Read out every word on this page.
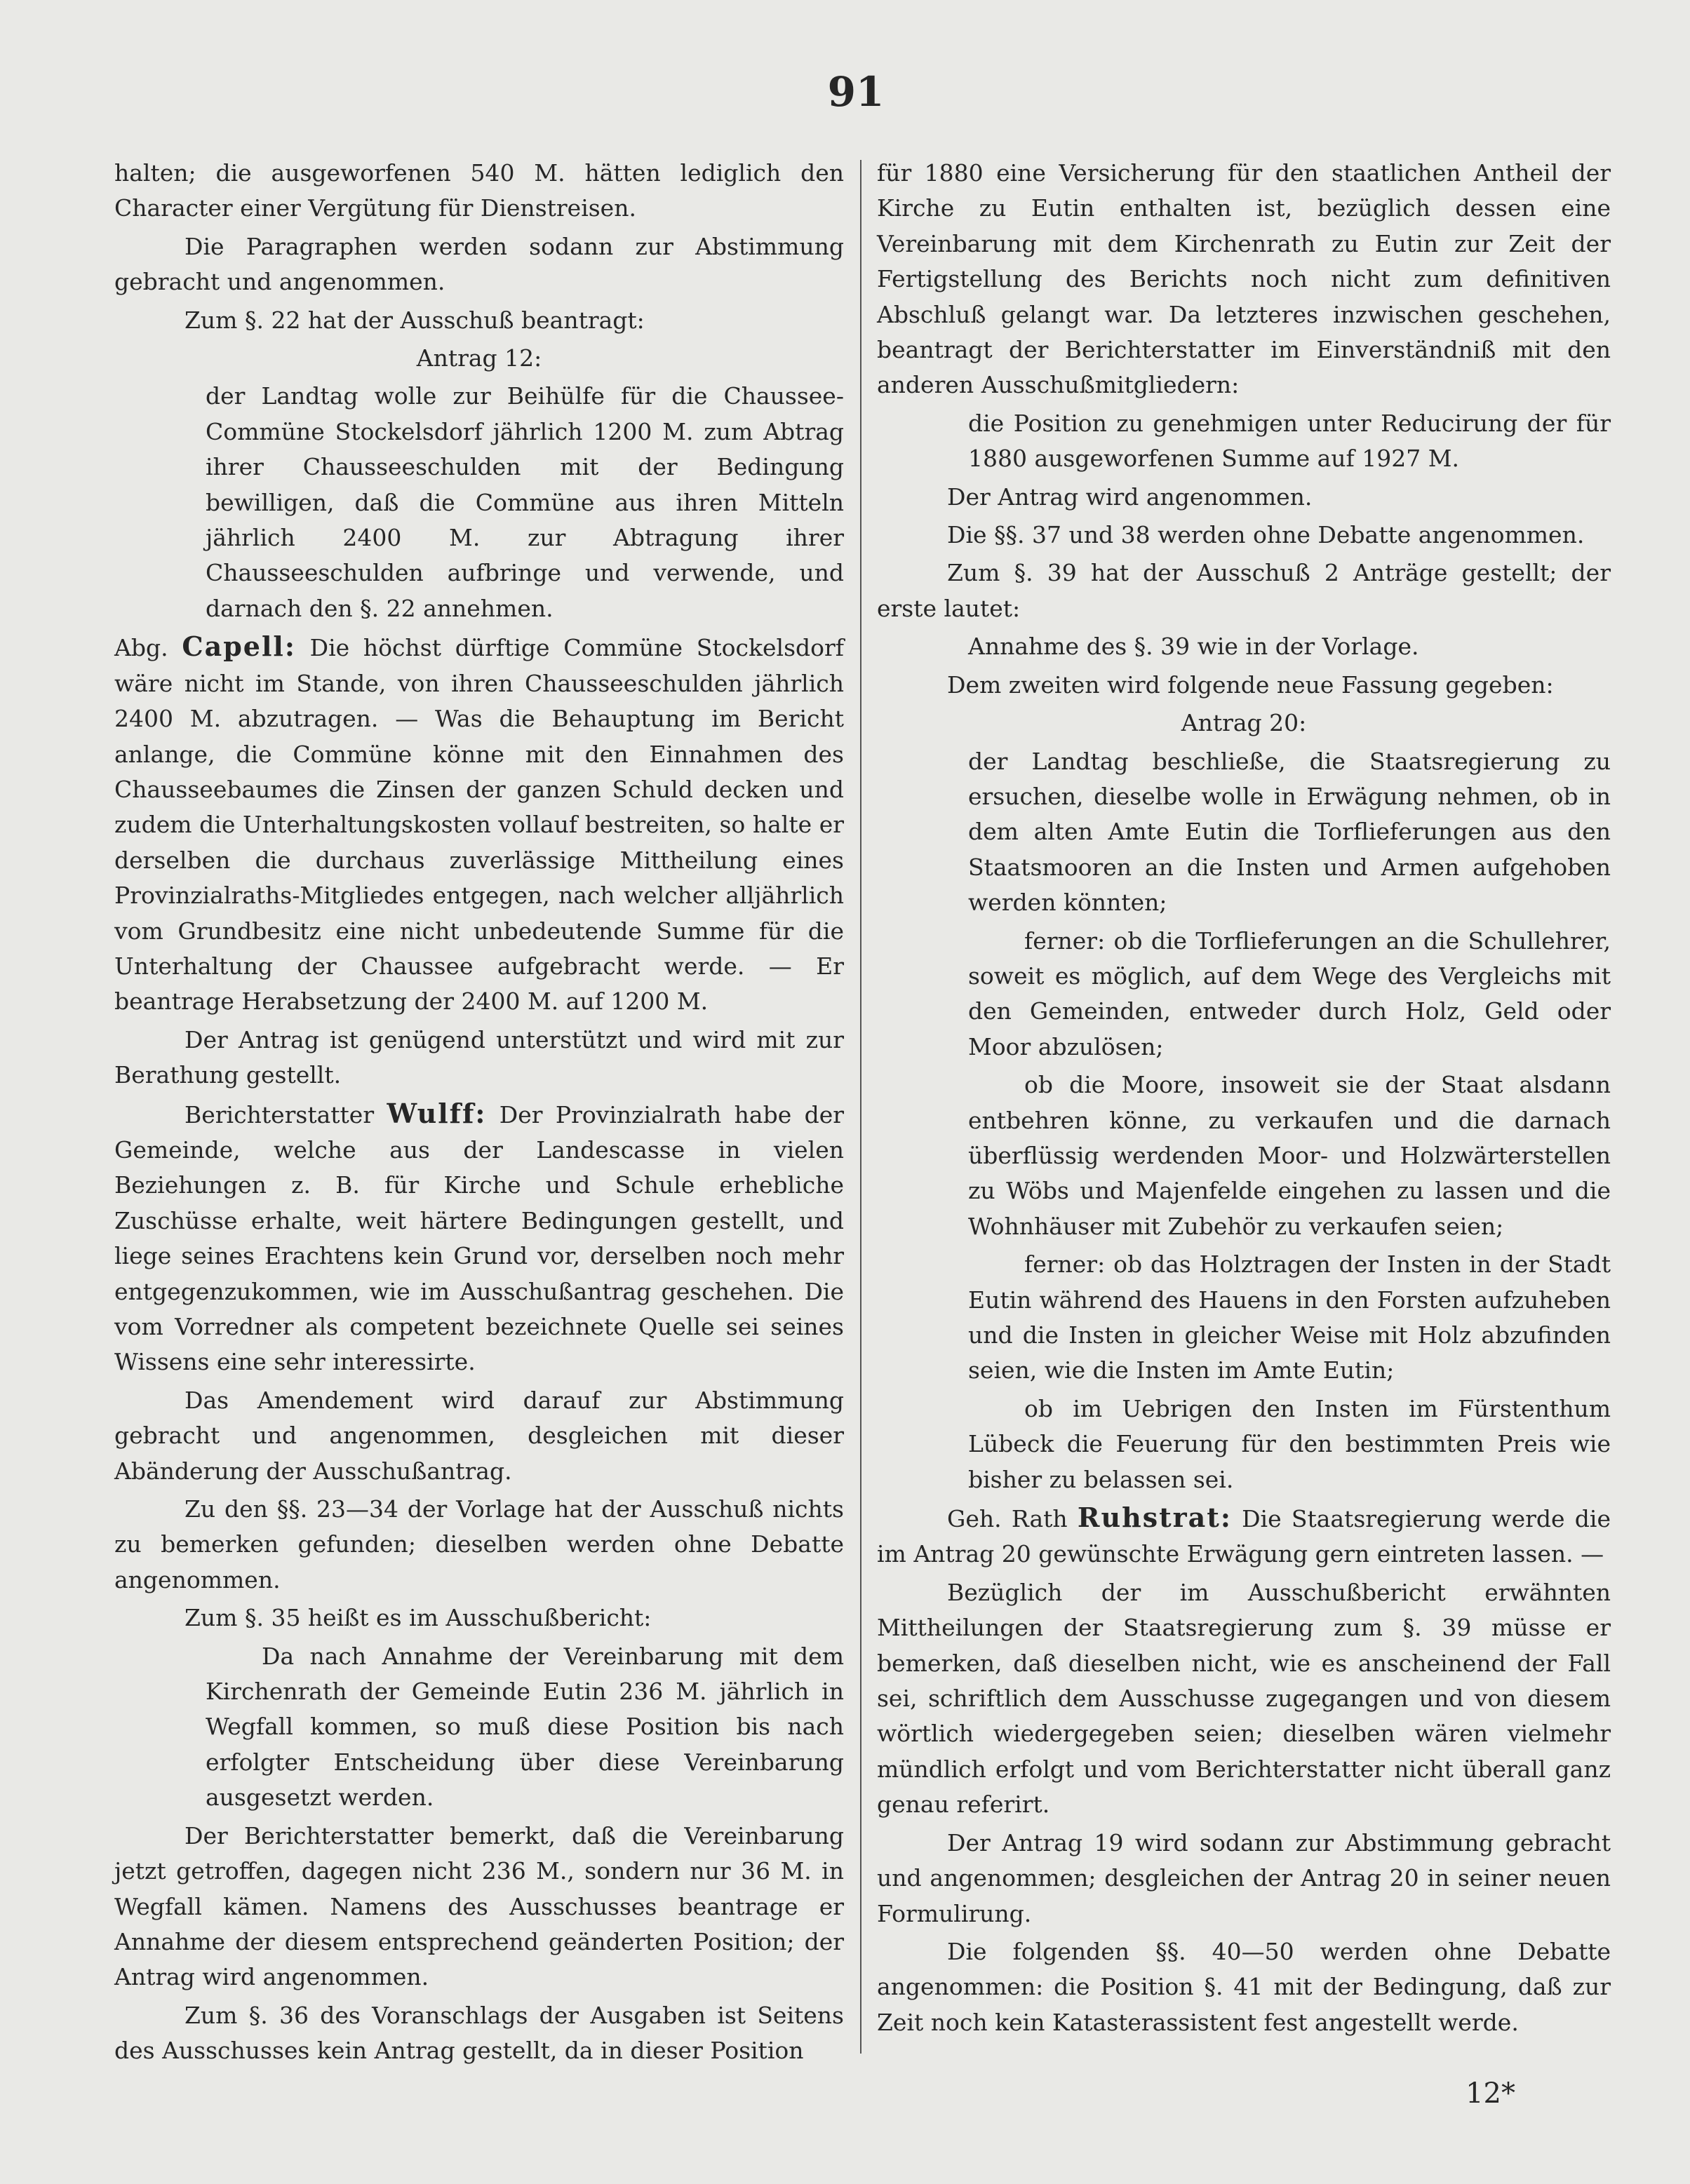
91

halten; die ausgeworfenen 540 M. hätten lediglich den Character einer Vergütung für Dienstreisen.

Die Paragraphen werden sodann zur Abstimmung gebracht und angenommen.

Zum §. 22 hat der Ausschuß beantragt:

Antrag 12:

der Landtag wolle zur Beihülfe für die Chaussee-Commüne Stockelsdorf jährlich 1200 M. zum Abtrag ihrer Chausseeschulden mit der Bedingung bewilligen, daß die Commüne aus ihren Mitteln jährlich 2400 M. zur Abtragung ihrer Chausseeschulden aufbringe und verwende, und darnach den §. 22 annehmen.

Abg. Capell: Die höchst dürftige Commüne Stockelsdorf wäre nicht im Stande, von ihren Chausseeschulden jährlich 2400 M. abzutragen. — Was die Behauptung im Bericht anlange, die Commüne könne mit den Einnahmen des Chausseebaumes die Zinsen der ganzen Schuld decken und zudem die Unterhaltungskosten vollauf bestreiten, so halte er derselben die durchaus zuverlässige Mittheilung eines Provinzialraths-Mitgliedes entgegen, nach welcher alljährlich vom Grundbesitz eine nicht unbedeutende Summe für die Unterhaltung der Chaussee aufgebracht werde. — Er beantrage Herabsetzung der 2400 M. auf 1200 M.

Der Antrag ist genügend unterstützt und wird mit zur Berathung gestellt.

Berichterstatter Wulff: Der Provinzialrath habe der Gemeinde, welche aus der Landescasse in vielen Beziehungen z. B. für Kirche und Schule erhebliche Zuschüsse erhalte, weit härtere Bedingungen gestellt, und liege seines Erachtens kein Grund vor, derselben noch mehr entgegenzukommen, wie im Ausschußantrag geschehen. Die vom Vorredner als competent bezeichnete Quelle sei seines Wissens eine sehr interessirte.

Das Amendement wird darauf zur Abstimmung gebracht und angenommen, desgleichen mit dieser Abänderung der Ausschußantrag.

Zu den §§. 23—34 der Vorlage hat der Ausschuß nichts zu bemerken gefunden; dieselben werden ohne Debatte angenommen.

Zum §. 35 heißt es im Ausschußbericht:

Da nach Annahme der Vereinbarung mit dem Kirchenrath der Gemeinde Eutin 236 M. jährlich in Wegfall kommen, so muß diese Position bis nach erfolgter Entscheidung über diese Vereinbarung ausgesetzt werden.

Der Berichterstatter bemerkt, daß die Vereinbarung jetzt getroffen, dagegen nicht 236 M., sondern nur 36 M. in Wegfall kämen. Namens des Ausschusses beantrage er Annahme der diesem entsprechend geänderten Position; der Antrag wird angenommen.

Zum §. 36 des Voranschlags der Ausgaben ist Seitens des Ausschusses kein Antrag gestellt, da in dieser Position

für 1880 eine Versicherung für den staatlichen Antheil der Kirche zu Eutin enthalten ist, bezüglich dessen eine Vereinbarung mit dem Kirchenrath zu Eutin zur Zeit der Fertigstellung des Berichts noch nicht zum definitiven Abschluß gelangt war. Da letzteres inzwischen geschehen, beantragt der Berichterstatter im Einverständniß mit den anderen Ausschußmitgliedern:

die Position zu genehmigen unter Reducirung der für 1880 ausgeworfenen Summe auf 1927 M.

Der Antrag wird angenommen.

Die §§. 37 und 38 werden ohne Debatte angenommen.

Zum §. 39 hat der Ausschuß 2 Anträge gestellt; der erste lautet:

Annahme des §. 39 wie in der Vorlage.

Dem zweiten wird folgende neue Fassung gegeben:

Antrag 20:

der Landtag beschließe, die Staatsregierung zu ersuchen, dieselbe wolle in Erwägung nehmen, ob in dem alten Amte Eutin die Torflieferungen aus den Staatsmooren an die Insten und Armen aufgehoben werden könnten;

ferner: ob die Torflieferungen an die Schullehrer, soweit es möglich, auf dem Wege des Vergleichs mit den Gemeinden, entweder durch Holz, Geld oder Moor abzulösen;

ob die Moore, insoweit sie der Staat alsdann entbehren könne, zu verkaufen und die darnach überflüssig werdenden Moor- und Holzwärterstellen zu Wöbs und Majenfelde eingehen zu lassen und die Wohnhäuser mit Zubehör zu verkaufen seien;

ferner: ob das Holztragen der Insten in der Stadt Eutin während des Hauens in den Forsten aufzuheben und die Insten in gleicher Weise mit Holz abzufinden seien, wie die Insten im Amte Eutin;

ob im Uebrigen den Insten im Fürstenthum Lübeck die Feuerung für den bestimmten Preis wie bisher zu belassen sei.

Geh. Rath Ruhstrat: Die Staatsregierung werde die im Antrag 20 gewünschte Erwägung gern eintreten lassen. —

Bezüglich der im Ausschußbericht erwähnten Mittheilungen der Staatsregierung zum §. 39 müsse er bemerken, daß dieselben nicht, wie es anscheinend der Fall sei, schriftlich dem Ausschusse zugegangen und von diesem wörtlich wiedergegeben seien; dieselben wären vielmehr mündlich erfolgt und vom Berichterstatter nicht überall ganz genau referirt.

Der Antrag 19 wird sodann zur Abstimmung gebracht und angenommen; desgleichen der Antrag 20 in seiner neuen Formulirung.

Die folgenden §§. 40—50 werden ohne Debatte angenommen: die Position §. 41 mit der Bedingung, daß zur Zeit noch kein Katasterassistent fest angestellt werde.

12*
